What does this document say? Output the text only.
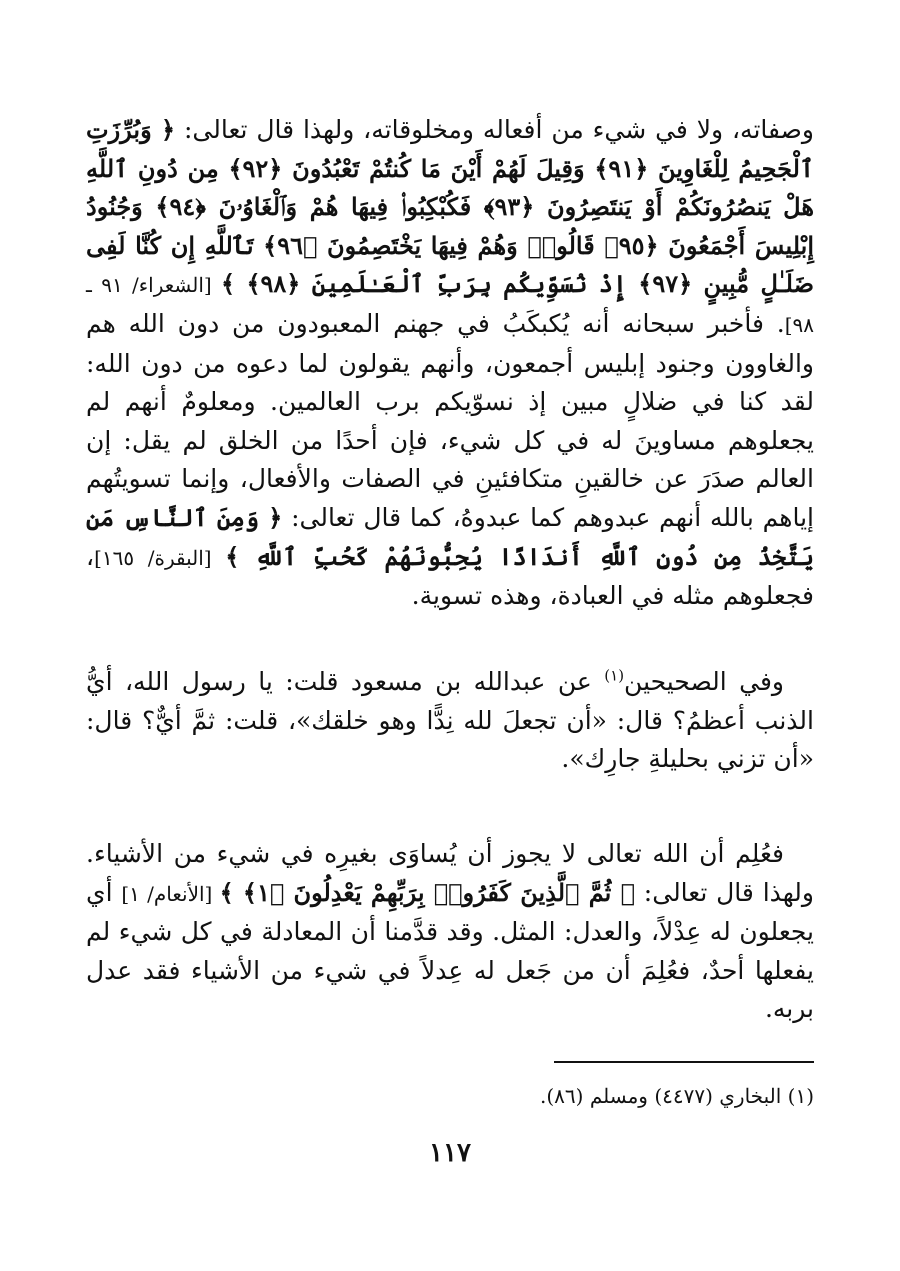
وصفاته، ولا في شيء من أفعاله ومخلوقاته، ولهذا قال تعالى: ﴿ وَبُرِّزَتِ ٱلْجَحِيمُ لِلْغَاوِينَ ﴿٩١﴾ وَقِيلَ لَهُمْ أَيْنَ مَا كُنتُمْ تَعْبُدُونَ ﴿٩٢﴾ مِن دُونِ ٱللَّهِ هَلْ يَنصُرُونَكُمْ أَوْ يَنتَصِرُونَ ﴿٩٣﴾ فَكُبْكِبُوا۟ فِيهَا هُمْ وَٱلْغَاوُۥنَ ﴿٩٤﴾ وَجُنُودُ إِبْلِيسَ أَجْمَعُونَ ﴿٩٥﴾ قَالُوا۟ وَهُمْ فِيهَا يَخْتَصِمُونَ ﴿٩٦﴾ تَٱللَّهِ إِن كُنَّا لَفِى ضَلَـٰلٍ مُّبِينٍ ﴿٩٧﴾ إِذْ نُسَوِّيكُم بِرَبِّ ٱلْعَـٰلَمِينَ ﴿٩٨﴾ ﴾ [الشعراء/ ٩١ ـ ٩٨]. فأخبر سبحانه أنه يُكبكَبُ في جهنم المعبودون من دون الله هم والغاوون وجنود إبليس أجمعون، وأنهم يقولون لما دعوه من دون الله: لقد كنا في ضلالٍ مبين إذ نسوّيكم برب العالمين. ومعلومٌ أنهم لم يجعلوهم مساوينَ له في كل شيء، فإن أحدًا من الخلق لم يقل: إن العالم صدَرَ عن خالقينِ متكافئينِ في الصفات والأفعال، وإنما تسويتُهم إياهم بالله أنهم عبدوهم كما عبدوهُ، كما قال تعالى: ﴿ وَمِنَ ٱلنَّاسِ مَن يَتَّخِذُ مِن دُونِ ٱللَّهِ أَندَادًا يُحِبُّونَهُمْ كَحُبِّ ٱللَّهِ ﴾ [البقرة/ ١٦٥]، فجعلوهم مثله في العبادة، وهذه تسوية.

وفي الصحيحين$^{(١)}$ عن عبدالله بن مسعود قلت: يا رسول الله، أيُّ الذنب أعظمُ؟ قال: «أن تجعلَ لله نِدًّا وهو خلقك»، قلت: ثمَّ أيٌّ؟ قال: «أن تزني بحليلةِ جارِك».

فعُلِم أن الله تعالى لا يجوز أن يُساوَى بغيرِه في شيء من الأشياء. ولهذا قال تعالى: ﴿ ثُمَّ ٱلَّذِينَ كَفَرُوا۟ بِرَبِّهِمْ يَعْدِلُونَ ﴿١﴾ ﴾ [الأنعام/ ١] أي يجعلون له عِدْلاً، والعدل: المثل. وقد قدَّمنا أن المعادلة في كل شيء لم يفعلها أحدٌ، فعُلِمَ أن من جَعل له عِدلاً في شيء من الأشياء فقد عدل بربه.

(١) البخاري (٤٤٧٧) ومسلم (٨٦).
١١٧
